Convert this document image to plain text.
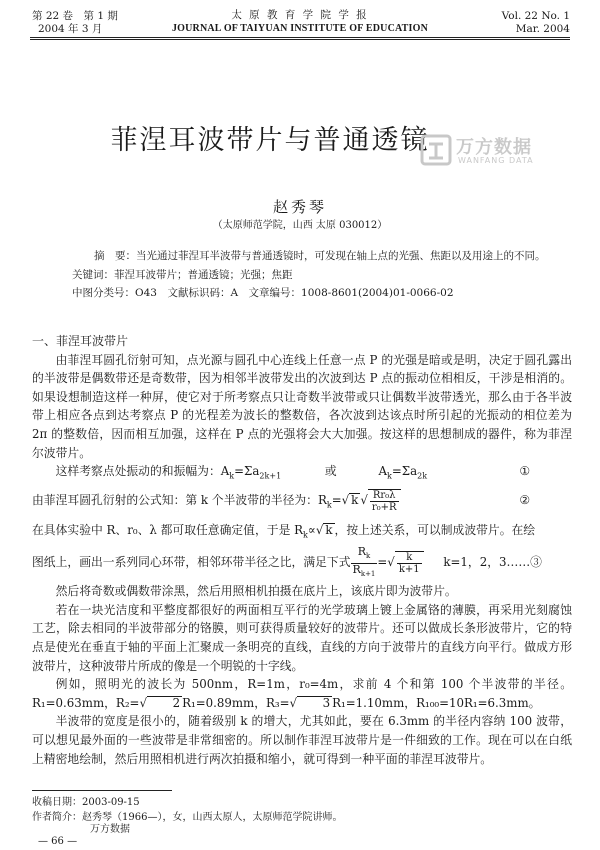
第 22 卷　第 1 期
2004 年 3 月
太 原 教 育 学 院 学 报
JOURNAL OF TAIYUAN INSTITUTE OF EDUCATION
Vol. 22 No. 1
Mar. 2004
菲涅耳波带片与普通透镜	万方数据
WANFANG DATA
赵秀琴
（太原师范学院，山西 太原 030012）
摘　要：当光通过菲涅耳半波带与普通透镜时，可发现在轴上点的光强、焦距以及用途上的不同。
关键词：菲涅耳波带片；普通透镜；光强；焦距
中图分类号：O43　文献标识码：A　文章编号：1008-8601(2004)01-0066-02
一、菲涅耳波带片

由菲涅耳圆孔衍射可知，点光源与圆孔中心连线上任意一点 P 的光强是暗或是明，决定于圆孔露出的半波带是偶数带还是奇数带，因为相邻半波带发出的次波到达 P 点的振动位相相反，干涉是相消的。如果设想制造这样一种屏，使它对于所考察点只让奇数半波带或只让偶数半波带透光，那么由于各半波带上相应各点到达考察点 P 的光程差为波长的整数倍，各次波到达该点时所引起的光振动的相位差为 2π 的整数倍，因而相互加强，这样在 P 点的光强将会大大加强。按这样的思想制成的器件，称为菲涅尔波带片。

这样考察点处振动的和振幅为：$A_k=\Sigma a_{2k+1}$	或	$A_k=\Sigma a_{2k}$	①
由菲涅耳圆孔衍射的公式知：第 k 个半波带的半径为：$R_k=√$ k √ $\frac{\text{Rr₀λ}}{\text{r₀+R}}$	②
在具体实验中 R、r₀、λ 都可取任意确定值，于是 $R_k\propto√$ k ，按上述关系，可以制成波带片。在绘
图纸上，画出一系列同心环带，相邻环带半径之比，满足下式 $\frac{R_k}{R_{k+1}}$ =√ $\frac{k}{k+1} k=1$，2，3……③

然后将奇数或偶数带涂黑，然后用照相机拍摄在底片上，该底片即为波带片。

若在一块光洁度和平整度都很好的两面相互平行的光学玻璃上镀上金属铬的薄膜，再采用光刻腐蚀工艺，除去相同的半波带部分的铬膜，则可获得质量较好的波带片。还可以做成长条形波带片，它的特点是使光在垂直于轴的平面上汇聚成一条明亮的直线，直线的方向于波带片的直线方向平行。做成方形波带片，这种波带片所成的像是一个明锐的十字线。

例如，照明光的波长为 500nm，R=1m，r₀=4m，求前 4 个和第 100 个半波带的半径。R₁=0.63mm，R₂=√ 2 R₁=0.89mm，R₃=√ 3 R₁=1.10mm，R₁₀₀=10R₁=6.3mm。

半波带的宽度是很小的，随着级别 k 的增大，尤其如此，要在 6.3mm 的半径内容纳 100 波带，可以想见最外面的一些波带是非常细密的。所以制作菲涅耳波带片是一件细致的工作。现在可以在白纸上精密地绘制，然后用照相机进行两次拍摄和缩小，就可得到一种平面的菲涅耳波带片。

收稿日期：2003-09-15
作者简介：赵秀琴（1966—），女，山西太原人，太原师范学院讲师。
万方数据
— 66 —
